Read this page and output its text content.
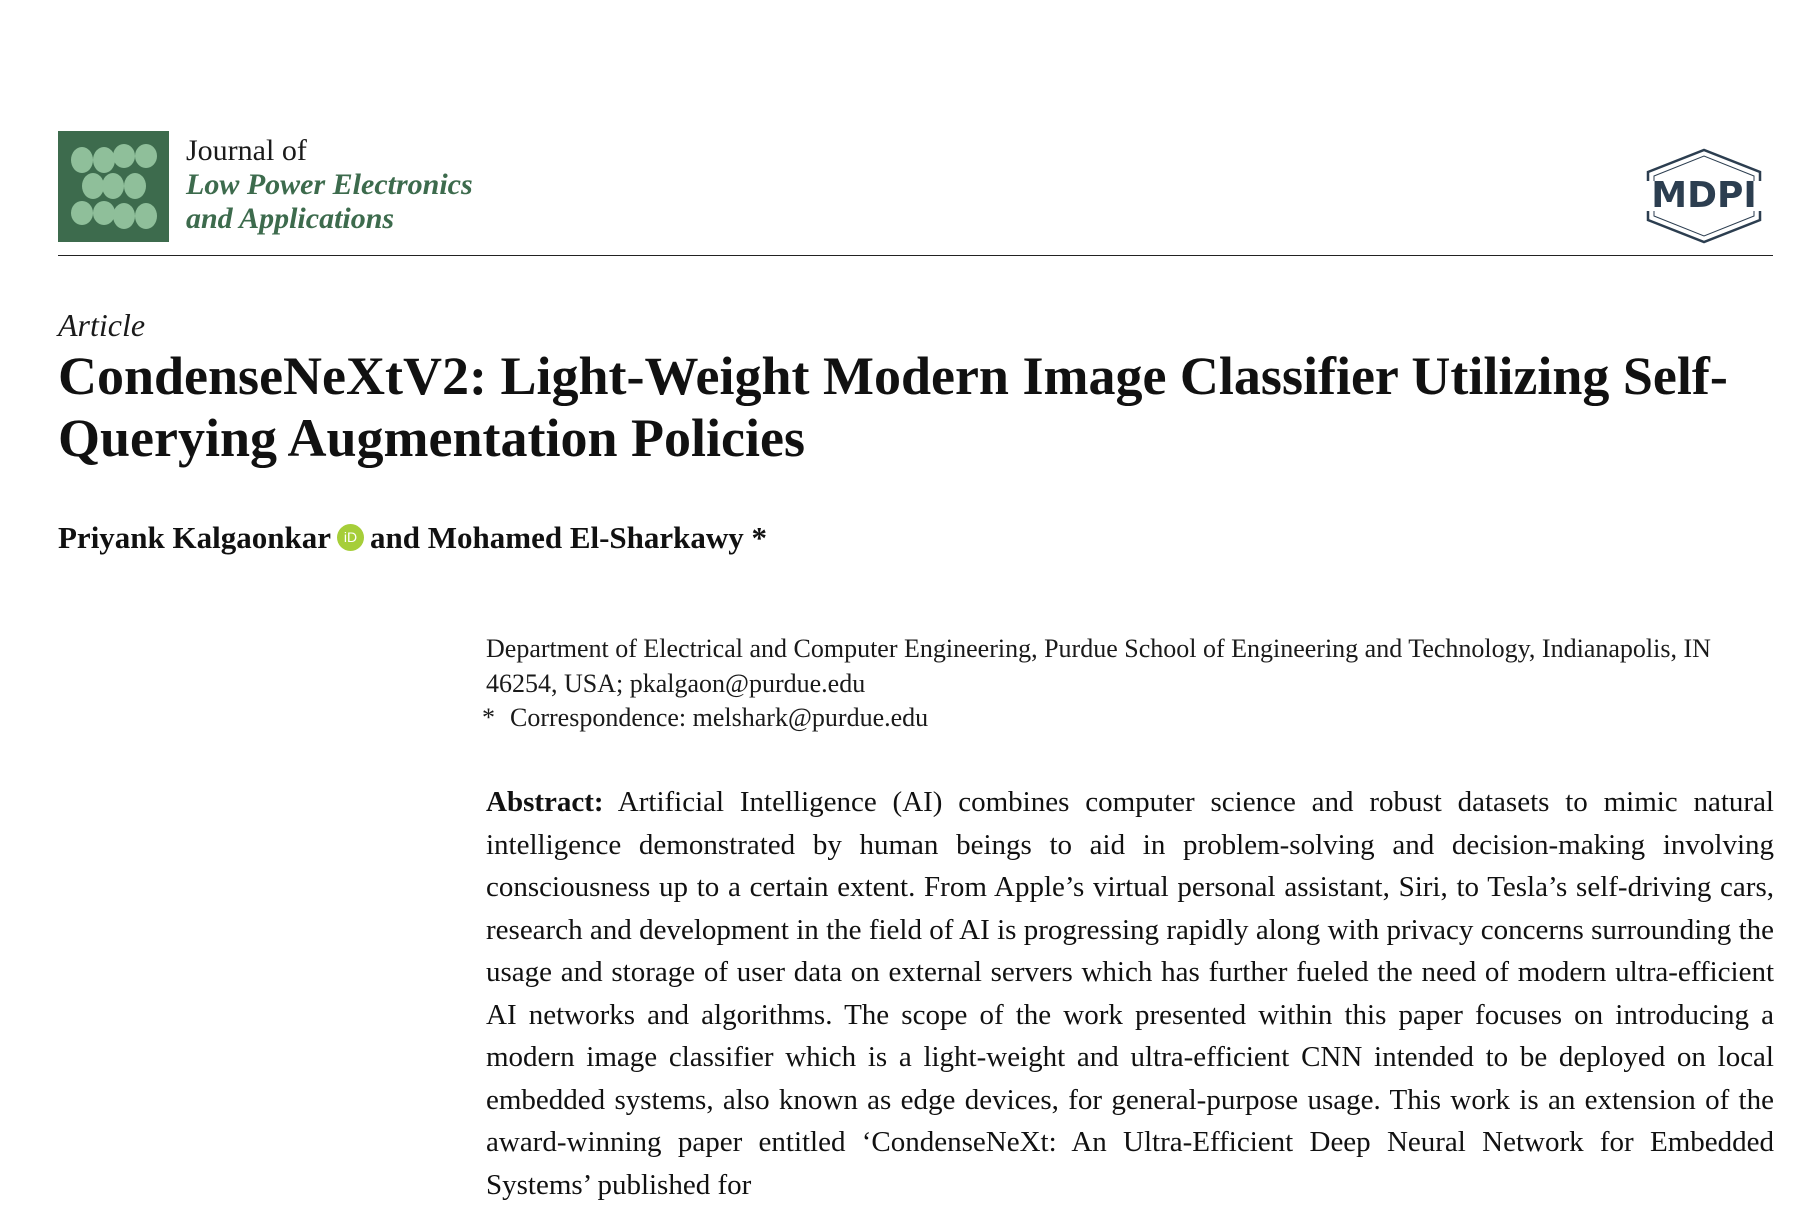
Journal of
Low Power Electronics
and Applications
MDPI
Article
CondenseNeXtV2: Light-Weight Modern Image Classifier Utilizing Self-Querying Augmentation Policies
Priyank Kalgaonkar iD and Mohamed El-Sharkawy *
Department of Electrical and Computer Engineering, Purdue School of Engineering and Technology, Indianapolis, IN 46254, USA; pkalgaon@purdue.edu
* Correspondence: melshark@purdue.edu

Abstract: Artificial Intelligence (AI) combines computer science and robust datasets to mimic natural intelligence demonstrated by human beings to aid in problem-solving and decision-making involving consciousness up to a certain extent. From Apple’s virtual personal assistant, Siri, to Tesla’s self-driving cars, research and development in the field of AI is progressing rapidly along with privacy concerns surrounding the usage and storage of user data on external servers which has further fueled the need of modern ultra-efficient AI networks and algorithms. The scope of the work presented within this paper focuses on introducing a modern image classifier which is a light-weight and ultra-efficient CNN intended to be deployed on local embedded systems, also known as edge devices, for general-purpose usage. This work is an extension of the award-winning paper entitled ‘CondenseNeXt: An Ultra-Efficient Deep Neural Network for Embedded Systems’ published for
